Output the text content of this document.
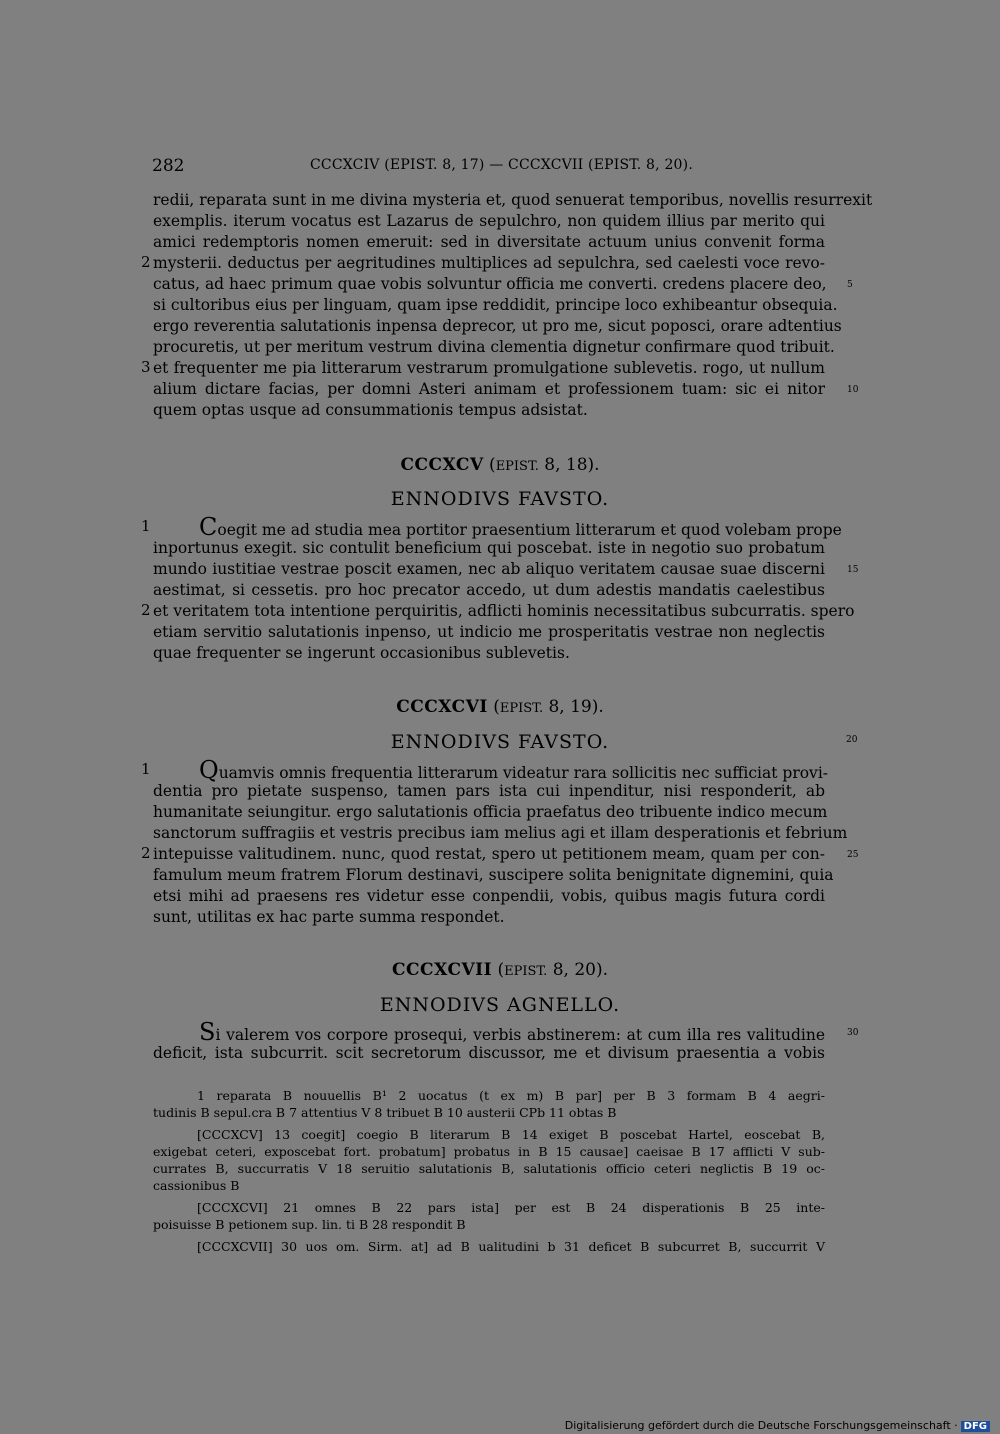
282	CCCXCIV (EPIST. 8, 17) — CCCXCVII (EPIST. 8, 20).
redii, reparata sunt in me divina mysteria et, quod senuerat temporibus, novellis resurrexit
exemplis. iterum vocatus est Lazarus de sepulchro, non quidem illius par merito qui
amici redemptoris nomen emeruit: sed in diversitate actuum unius convenit forma
2 mysterii. deductus per aegritudines multiplices ad sepulchra, sed caelesti voce revo-
catus, ad haec primum quae vobis solvuntur officia me converti. credens placere deo, 5
si cultoribus eius per linguam, quam ipse reddidit, principe loco exhibeantur obsequia.
ergo reverentia salutationis inpensa deprecor, ut pro me, sicut poposci, orare adtentius
procuretis, ut per meritum vestrum divina clementia dignetur confirmare quod tribuit.
3 et frequenter me pia litterarum vestrarum promulgatione sublevetis. rogo, ut nullum
alium dictare facias, per domni Asteri animam et professionem tuam: sic ei nitor 10
quem optas usque ad consummationis tempus adsistat.
CCCXCV (EPIST. 8, 18).
ENNODIVS FAVSTO.
1	Coegit me ad studia mea portitor praesentium litterarum et quod volebam prope
inportunus exegit. sic contulit beneficium qui poscebat. iste in negotio suo probatum
mundo iustitiae vestrae poscit examen, nec ab aliquo veritatem causae suae discerni 15
aestimat, si cessetis. pro hoc precator accedo, ut dum adestis mandatis caelestibus
2 et veritatem tota intentione perquiritis, adflicti hominis necessitatibus subcurratis. spero
etiam servitio salutationis inpenso, ut indicio me prosperitatis vestrae non neglectis
quae frequenter se ingerunt occasionibus sublevetis.
CCCXCVI (EPIST. 8, 19).
ENNODIVS FAVSTO.	20
1	Quamvis omnis frequentia litterarum videatur rara sollicitis nec sufficiat provi-
dentia pro pietate suspenso, tamen pars ista cui inpenditur, nisi responderit, ab
humanitate seiungitur. ergo salutationis officia praefatus deo tribuente indico mecum
sanctorum suffragiis et vestris precibus iam melius agi et illam desperationis et febrium
2 intepuisse valitudinem. nunc, quod restat, spero ut petitionem meam, quam per con- 25
famulum meum fratrem Florum destinavi, suscipere solita benignitate dignemini, quia
etsi mihi ad praesens res videtur esse conpendii, vobis, quibus magis futura cordi
sunt, utilitas ex hac parte summa respondet.
CCCXCVII (EPIST. 8, 20).
ENNODIVS AGNELLO.
Si valerem vos corpore prosequi, verbis abstinerem: at cum illa res valitudine 30
deficit, ista subcurrit. scit secretorum discussor, me et divisum praesentia a vobis
1 reparata B nouuellis B¹ 2 uocatus (t ex m) B par] per B 3 formam B 4 aegri-
tudinis B sepul.cra B 7 attentius V 8 tribuet B 10 austerii CPb 11 obtas B
[CCCXCV] 13 coegit] coegio B literarum B 14 exiget B poscebat Hartel, eoscebat B,
exigebat ceteri, exposcebat fort. probatum] probatus in B 15 causae] caeisae B 17 afflicti V sub-
currates B, succurratis V 18 seruitio salutationis B, salutationis officio ceteri neglictis B 19 oc-
cassionibus B
[CCCXCVI] 21 omnes B 22 pars ista] per est B 24 disperationis B 25 inte-
poisuisse B petionem sup. lin. ti B 28 respondit B
[CCCXCVII] 30 uos om. Sirm. at] ad B ualitudini b 31 deficet B subcurret B, succurrit V
Digitalisierung gefördert durch die Deutsche Forschungsgemeinschaft · DFG
